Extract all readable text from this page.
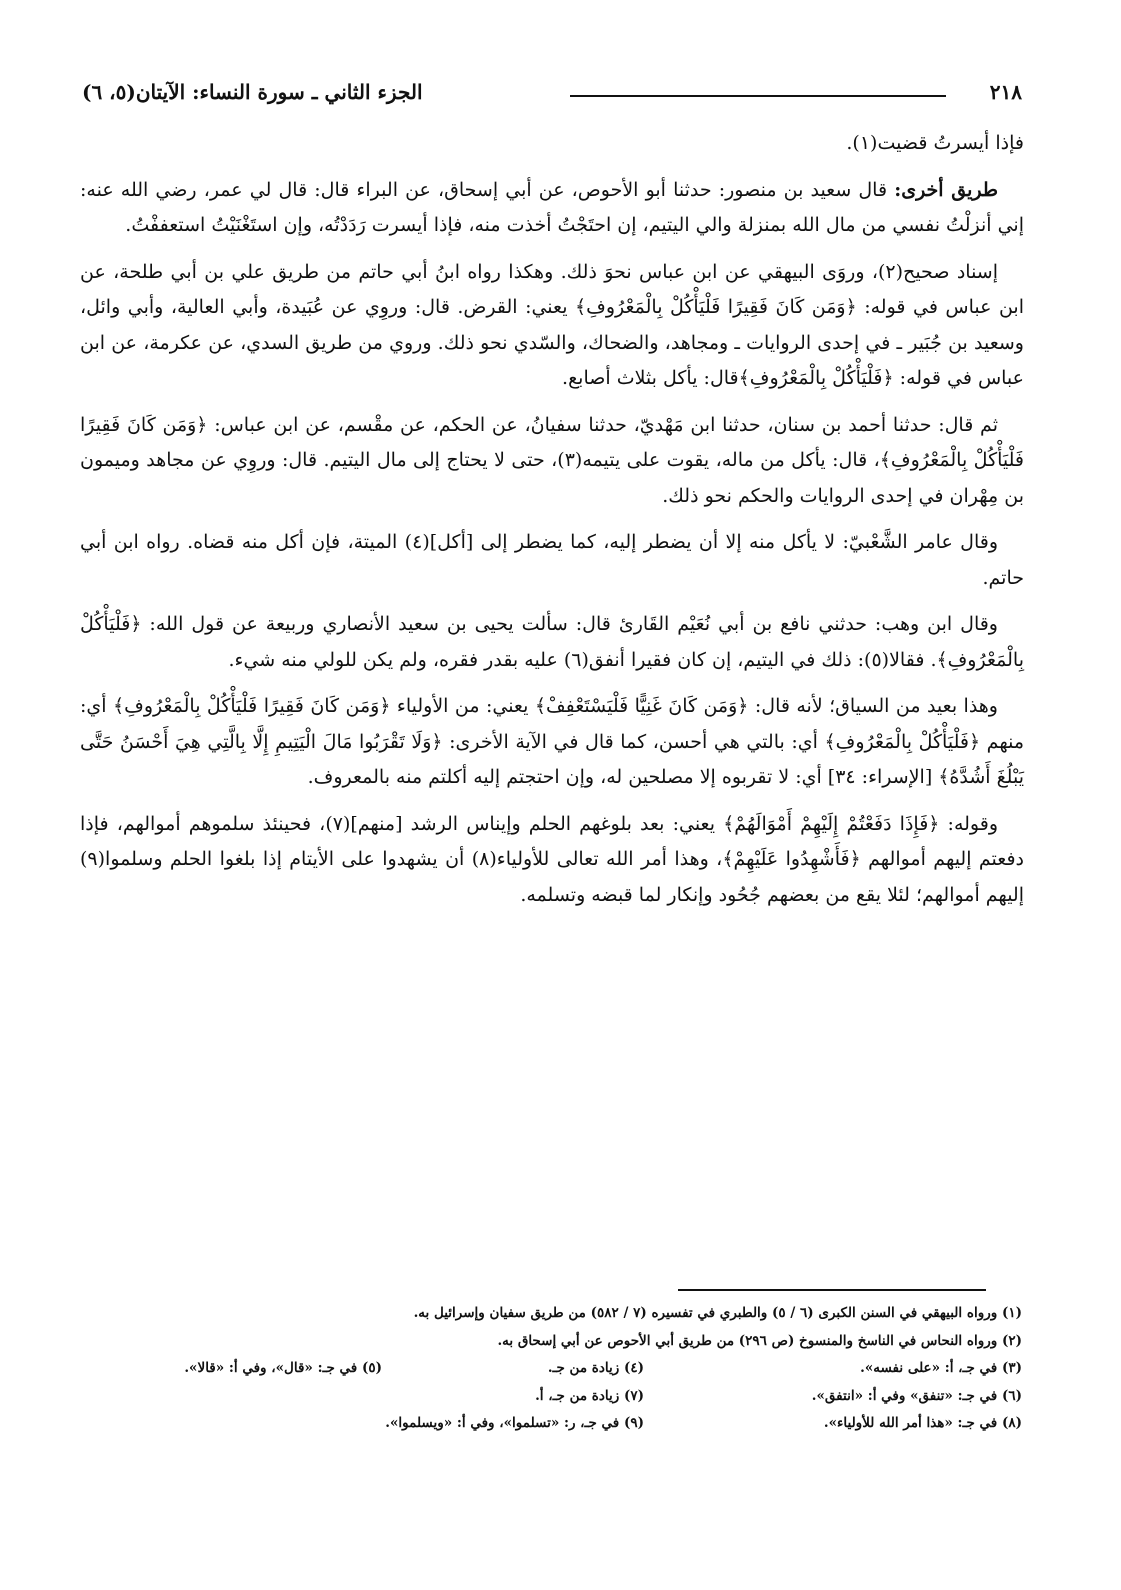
الجزء الثاني ـ سورة النساء: الآيتان(٥، ٦)	٢١٨

فإذا أيسرتُ قضيت(١).

طريق أخرى: قال سعيد بن منصور: حدثنا أبو الأحوص، عن أبي إسحاق، عن البراء قال: قال لي عمر، رضي الله عنه: إني أنزلْتُ نفسي من مال الله بمنزلة والي اليتيم، إن احتَجْتُ أخذت منه، فإذا أيسرت رَدَدْتُه، وإن استَغْنَيْتُ استعففْتُ.

إسناد صحيح(٢)، وروَى البيهقي عن ابن عباس نحوَ ذلك. وهكذا رواه ابنُ أبي حاتم من طريق علي بن أبي طلحة، عن ابن عباس في قوله: ﴿وَمَن كَانَ فَقِيرًا فَلْيَأْكُلْ بِالْمَعْرُوفِ﴾ يعني: القرض. قال: وروِي عن عُبَيدة، وأبي العالية، وأبي وائل، وسعيد بن جُبَير ـ في إحدى الروايات ـ ومجاهد، والضحاك، والسّدي نحو ذلك. وروي من طريق السدي، عن عكرمة، عن ابن عباس في قوله: ﴿فَلْيَأْكُلْ بِالْمَعْرُوفِ﴾قال: يأكل بثلاث أصابع.

ثم قال: حدثنا أحمد بن سنان، حدثنا ابن مَهْديّ، حدثنا سفيانُ، عن الحكم، عن مقْسم، عن ابن عباس: ﴿وَمَن كَانَ فَقِيرًا فَلْيَأْكُلْ بِالْمَعْرُوفِ﴾، قال: يأكل من ماله، يقوت على يتيمه(٣)، حتى لا يحتاج إلى مال اليتيم. قال: وروِي عن مجاهد وميمون بن مِهْران في إحدى الروايات والحكم نحو ذلك.

وقال عامر الشَّعْبيّ: لا يأكل منه إلا أن يضطر إليه، كما يضطر إلى [أكل](٤) الميتة، فإن أكل منه قضاه. رواه ابن أبي حاتم.

وقال ابن وهب: حدثني نافع بن أبي نُعَيْم القَارئ قال: سألت يحيى بن سعيد الأنصاري وربيعة عن قول الله: ﴿فَلْيَأْكُلْ بِالْمَعْرُوفِ﴾. فقالا(٥): ذلك في اليتيم، إن كان فقيرا أنفق(٦) عليه بقدر فقره، ولم يكن للولي منه شيء.

وهذا بعيد من السياق؛ لأنه قال: ﴿وَمَن كَانَ غَنِيًّا فَلْيَسْتَعْفِفْ﴾ يعني: من الأولياء ﴿وَمَن كَانَ فَقِيرًا فَلْيَأْكُلْ بِالْمَعْرُوفِ﴾ أي: منهم ﴿فَلْيَأْكُلْ بِالْمَعْرُوفِ﴾ أي: بالتي هي أحسن، كما قال في الآية الأخرى: ﴿وَلَا تَقْرَبُوا مَالَ الْيَتِيمِ إِلَّا بِالَّتِي هِيَ أَحْسَنُ حَتَّى يَبْلُغَ أَشُدَّهُ﴾ [الإسراء: ٣٤] أي: لا تقربوه إلا مصلحين له، وإن احتجتم إليه أكلتم منه بالمعروف.

وقوله: ﴿فَإِذَا دَفَعْتُمْ إِلَيْهِمْ أَمْوَالَهُمْ﴾ يعني: بعد بلوغهم الحلم وإيناس الرشد [منهم](٧)، فحينئذ سلموهم أموالهم، فإذا دفعتم إليهم أموالهم ﴿فَأَشْهِدُوا عَلَيْهِمْ﴾، وهذا أمر الله تعالى للأولياء(٨) أن يشهدوا على الأيتام إذا بلغوا الحلم وسلموا(٩) إليهم أموالهم؛ لئلا يقع من بعضهم جُحُود وإنكار لما قبضه وتسلمه.

(١) ورواه البيهقي في السنن الكبرى (٦ / ٥) والطبري في تفسيره (٧ / ٥٨٢) من طريق سفيان وإسرائيل به.
(٢) ورواه النحاس في الناسخ والمنسوخ (ص ٢٩٦) من طريق أبي الأحوص عن أبي إسحاق به.
(٣) في جـ، أ: «على نفسه».
(٤) زيادة من جـ.
(٥) في جـ: «قال»، وفي أ: «قالا».
(٦) في جـ: «تنفق» وفي أ: «انتفق».
(٧) زيادة من جـ، أ.
(٨) في جـ: «هذا أمر الله للأولياء».
(٩) في جـ، ر: «تسلموا»، وفي أ: «ويسلموا».
